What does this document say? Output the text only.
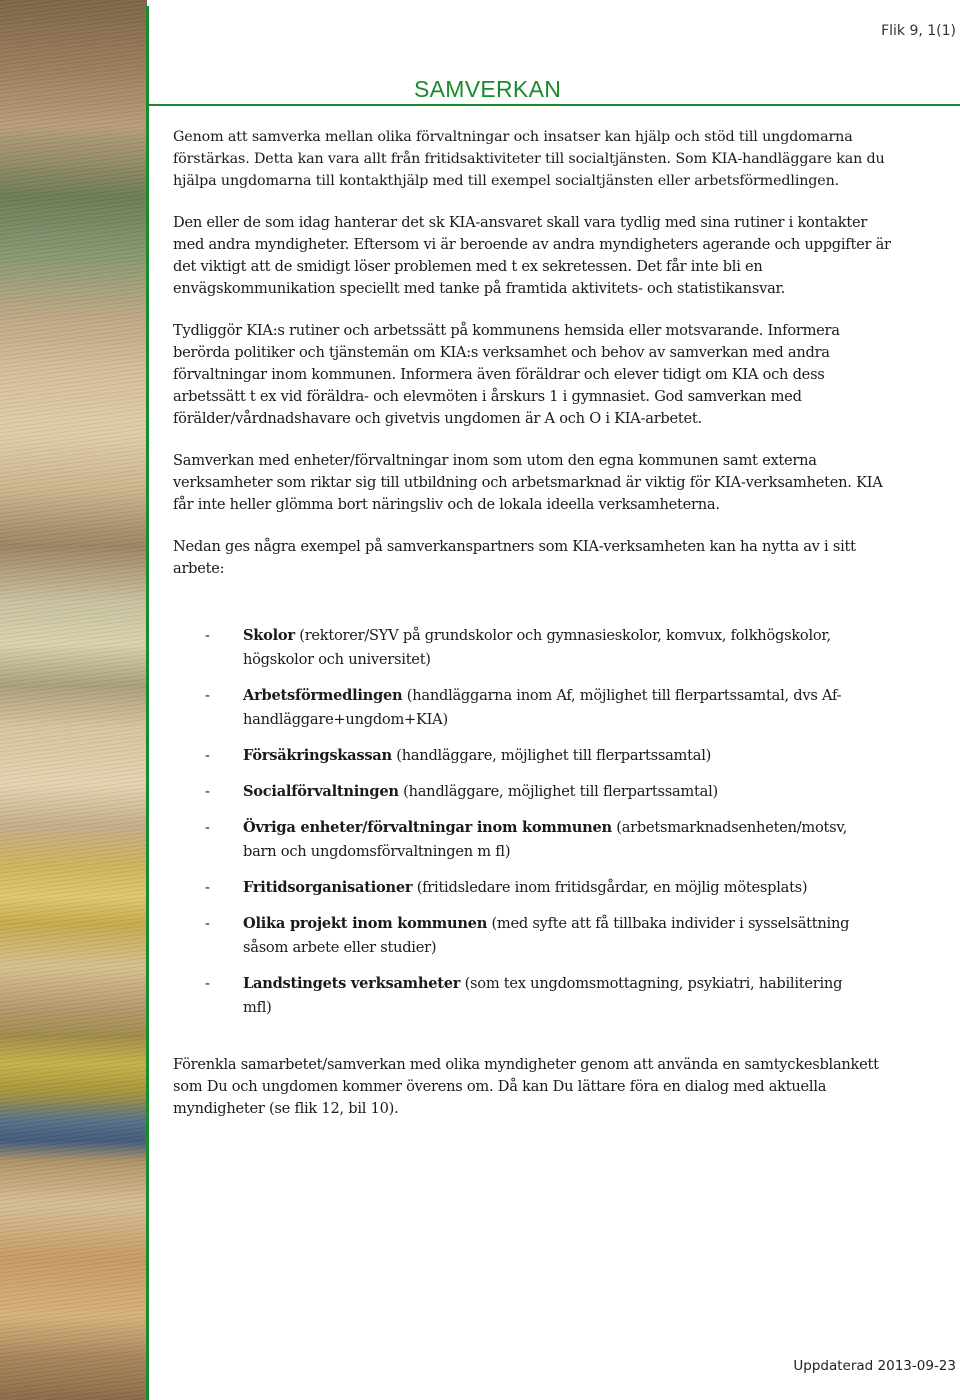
Flik 9, 1(1)
SAMVERKAN

Genom att samverka mellan olika förvaltningar och insatser kan hjälp och stöd till ungdomarna förstärkas. Detta kan vara allt från fritidsaktiviteter till socialtjänsten. Som KIA-handläggare kan du hjälpa ungdomarna till kontakthjälp med till exempel socialtjänsten eller arbetsförmedlingen.

Den eller de som idag hanterar det sk KIA-ansvaret skall vara tydlig med sina rutiner i kontakter med andra myndigheter. Eftersom vi är beroende av andra myndigheters agerande och uppgifter är det viktigt att de smidigt löser problemen med t ex sekretessen. Det får inte bli en envägskommunikation speciellt med tanke på framtida aktivitets- och statistikansvar.

Tydliggör KIA:s rutiner och arbetssätt på kommunens hemsida eller motsvarande. Informera berörda politiker och tjänstemän om KIA:s verksamhet och behov av samverkan med andra förvaltningar inom kommunen. Informera även föräldrar och elever tidigt om KIA och dess arbetssätt t ex vid föräldra- och elevmöten i årskurs 1 i gymnasiet. God samverkan med förälder/vårdnadshavare och givetvis ungdomen är A och O i KIA-arbetet.

Samverkan med enheter/förvaltningar inom som utom den egna kommunen samt externa verksamheter som riktar sig till utbildning och arbetsmarknad är viktig för KIA-verksamheten. KIA får inte heller glömma bort näringsliv och de lokala ideella verksamheterna.

Nedan ges några exempel på samverkanspartners som KIA-verksamheten kan ha nytta av i sitt arbete:

- Skolor (rektorer/SYV på grundskolor och gymnasieskolor, komvux, folkhögskolor, högskolor och universitet)
- Arbetsförmedlingen (handläggarna inom Af, möjlighet till flerpartssamtal, dvs Af-handläggare+ungdom+KIA)
- Försäkringskassan (handläggare, möjlighet till flerpartssamtal)
- Socialförvaltningen (handläggare, möjlighet till flerpartssamtal)
- Övriga enheter/förvaltningar inom kommunen (arbetsmarknadsenheten/motsv, barn och ungdomsförvaltningen m fl)
- Fritidsorganisationer (fritidsledare inom fritidsgårdar, en möjlig mötesplats)
- Olika projekt inom kommunen (med syfte att få tillbaka individer i sysselsättning såsom arbete eller studier)
- Landstingets verksamheter (som tex ungdomsmottagning, psykiatri, habilitering mfl)

Förenkla samarbetet/samverkan med olika myndigheter genom att använda en samtyckesblankett som Du och ungdomen kommer överens om. Då kan Du lättare föra en dialog med aktuella myndigheter (se flik 12, bil 10).

Uppdaterad 2013-09-23
